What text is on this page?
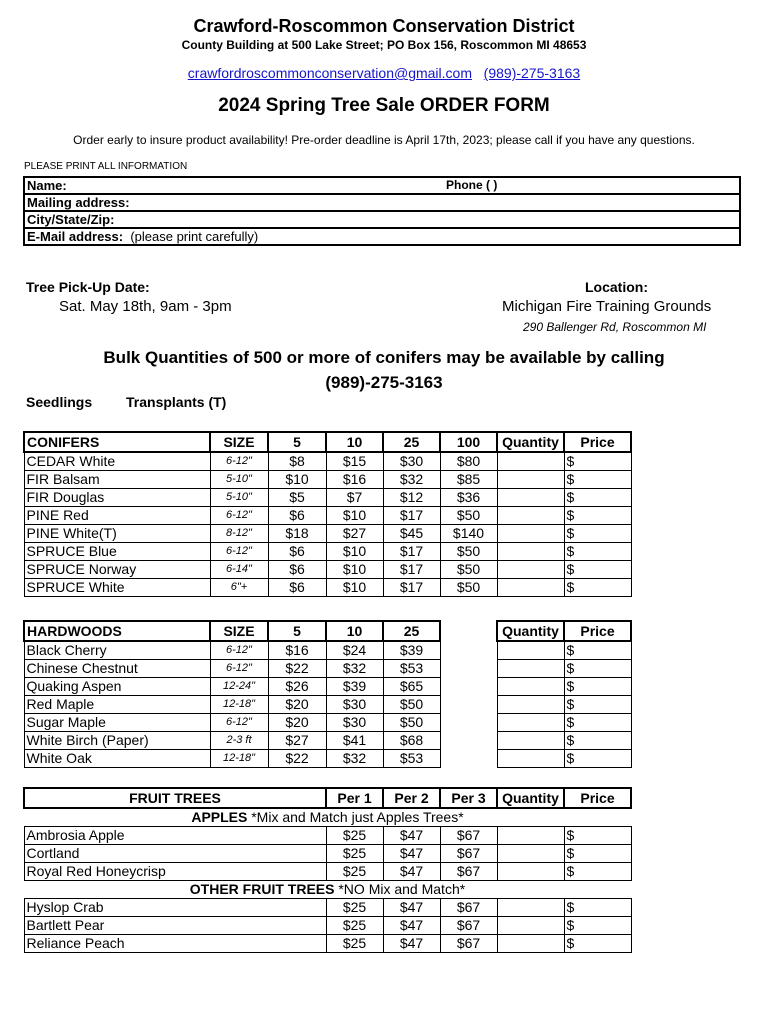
Crawford-Roscommon Conservation District
County Building at 500 Lake Street; PO Box 156, Roscommon MI 48653
crawfordroscommonconservation@gmail.com (989)-275-3163
2024 Spring Tree Sale ORDER FORM
Order early to insure product availability! Pre-order deadline is April 17th, 2023; please call if you have any questions.
PLEASE PRINT ALL INFORMATION
Name:	Phone ( )

Mailing address:
City/State/Zip:
E-Mail address: (please print carefully)
Tree Pick-Up Date:
Sat. May 18th, 9am - 3pm
Location:
Michigan Fire Training Grounds
290 Ballenger Rd, Roscommon MI
Bulk Quantities of 500 or more of conifers may be available by calling
(989)-275-3163
Seedlings Transplants (T)
CONIFERS	SIZE	5	10	25	100	Quantity	Price
CEDAR White	6-12"	$8	$15	$30	$80		$
FIR Balsam	5-10"	$10	$16	$32	$85		$
FIR Douglas	5-10"	$5	$7	$12	$36		$
PINE Red	6-12"	$6	$10	$17	$50		$
PINE White(T)	8-12"	$18	$27	$45	$140		$
SPRUCE Blue	6-12"	$6	$10	$17	$50		$
SPRUCE Norway	6-14"	$6	$10	$17	$50		$
SPRUCE White	6"+	$6	$10	$17	$50		$
HARDWOODS	SIZE	5	10	25		Quantity	Price
Black Cherry	6-12"	$16	$24	$39			$
Chinese Chestnut	6-12"	$22	$32	$53			$
Quaking Aspen	12-24"	$26	$39	$65			$
Red Maple	12-18"	$20	$30	$50			$
Sugar Maple	6-12"	$20	$30	$50			$
White Birch (Paper)	2-3 ft	$27	$41	$68			$
White Oak	12-18"	$22	$32	$53			$
FRUIT TREES	Per 1	Per 2	Per 3	Quantity	Price
APPLES *Mix and Match just Apples Trees*					
Ambrosia Apple	$25	$47	$67		$
Cortland	$25	$47	$67		$
Royal Red Honeycrisp	$25	$47	$67		$
OTHER FRUIT TREES *NO Mix and Match*					
Hyslop Crab	$25	$47	$67		$
Bartlett Pear	$25	$47	$67		$
Reliance Peach	$25	$47	$67		$
